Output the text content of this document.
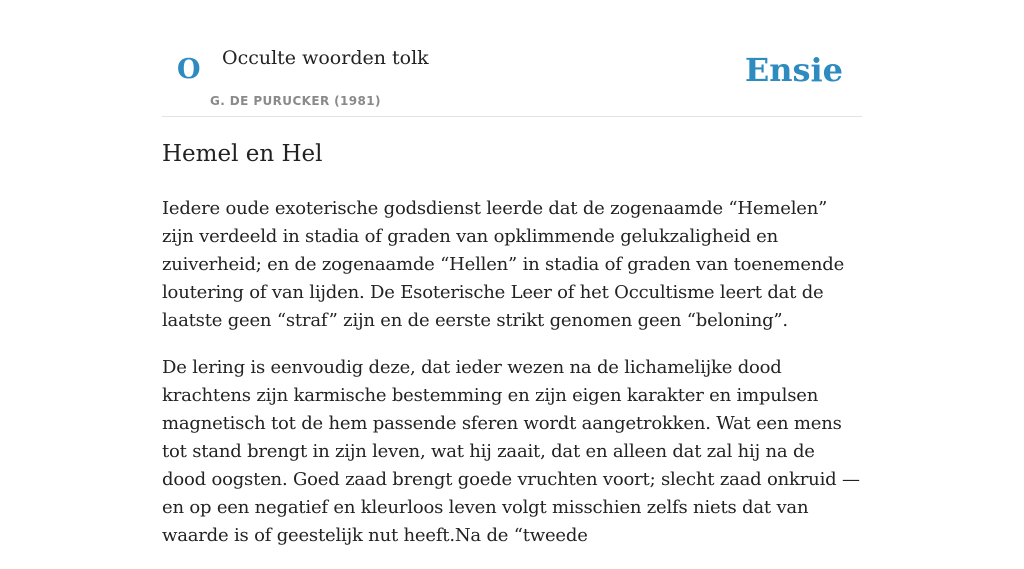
O Occulte woorden tolk
G. DE PURUCKER (1981)
Ensie
Hemel en Hel

Iedere oude exoterische godsdienst leerde dat de zogenaamde “Hemelen” zijn verdeeld in stadia of graden van opklimmende gelukzaligheid en zuiverheid; en de zogenaamde “Hellen” in stadia of graden van toenemende loutering of van lijden. De Esoterische Leer of het Occultisme leert dat de laatste geen “straf” zijn en de eerste strikt genomen geen “beloning”.

De lering is eenvoudig deze, dat ieder wezen na de lichamelijke dood krachtens zijn karmische bestemming en zijn eigen karakter en impulsen magnetisch tot de hem passende sferen wordt aangetrokken. Wat een mens tot stand brengt in zijn leven, wat hij zaait, dat en alleen dat zal hij na de dood oogsten. Goed zaad brengt goede vruchten voort; slecht zaad onkruid — en op een negatief en kleurloos leven volgt misschien zelfs niets dat van waarde is of geestelijk nut heeft.Na de “tweede
